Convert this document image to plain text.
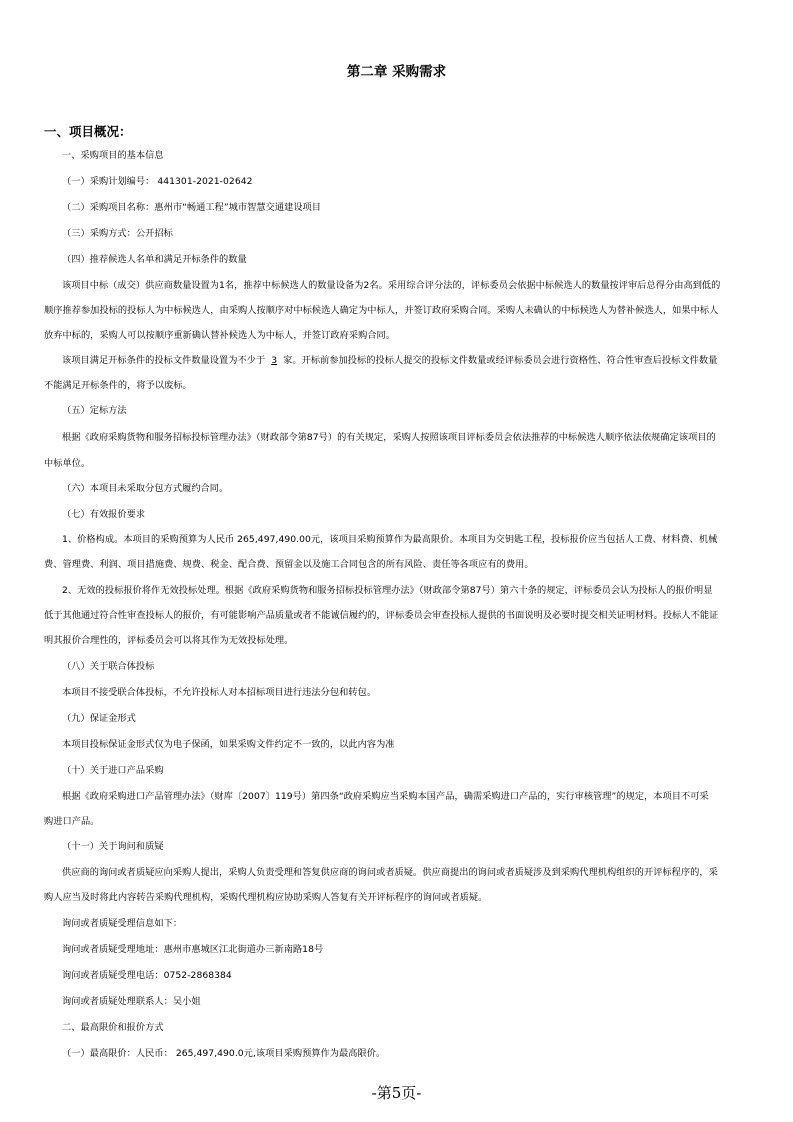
第二章 采购需求
一、项目概况：
一、采购项目的基本信息
（一）采购计划编号： 441301-2021-02642
（二）采购项目名称：惠州市“畅通工程”城市智慧交通建设项目
（三）采购方式：公开招标
（四）推荐候选人名单和满足开标条件的数量
该项目中标（成交）供应商数量设置为1名，推荐中标候选人的数量设备为2名。采用综合评分法的，评标委员会依据中标候选人的数量按评审后总得分由高到低的
顺序推荐参加投标的投标人为中标候选人，由采购人按顺序对中标候选人确定为中标人，并签订政府采购合同。采购人未确认的中标候选人为替补候选人，如果中标人
放弃中标的，采购人可以按顺序重新确认替补候选人为中标人，并签订政府采购合同。
该项目满足开标条件的投标文件数量设置为不少于 3 家。开标前参加投标的投标人提交的投标文件数量或经评标委员会进行资格性、符合性审查后投标文件数量
不能满足开标条件的，将予以废标。
（五）定标方法
根据《政府采购货物和服务招标投标管理办法》（财政部令第87号）的有关规定，采购人按照该项目评标委员会依法推荐的中标候选人顺序依法依规确定该项目的
中标单位。
（六）本项目未采取分包方式履约合同。
（七）有效报价要求
1、价格构成。本项目的采购预算为人民币 265,497,490.00元，该项目采购预算作为最高限价。本项目为交钥匙工程，投标报价应当包括人工费、材料费、机械
费、管理费、利润、项目措施费、规费、税金、配合费、预留金以及施工合同包含的所有风险、责任等各项应有的费用。
2、无效的投标报价将作无效投标处理。根据《政府采购货物和服务招标投标管理办法》（财政部令第87号）第六十条的规定，评标委员会认为投标人的报价明显
低于其他通过符合性审查投标人的报价，有可能影响产品质量或者不能诚信履约的，评标委员会审查投标人提供的书面说明及必要时提交相关证明材料。投标人不能证
明其报价合理性的，评标委员会可以将其作为无效投标处理。
（八）关于联合体投标
本项目不接受联合体投标，不允许投标人对本招标项目进行违法分包和转包。
（九）保证金形式
本项目投标保证金形式仅为电子保函，如果采购文件约定不一致的，以此内容为准
（十）关于进口产品采购
根据《政府采购进口产品管理办法》（财库〔2007〕119号）第四条“政府采购应当采购本国产品，确需采购进口产品的，实行审核管理”的规定，本项目不可采
购进口产品。
（十一）关于询问和质疑
供应商的询问或者质疑应向采购人提出，采购人负责受理和答复供应商的询问或者质疑。供应商提出的询问或者质疑涉及到采购代理机构组织的开评标程序的，采
购人应当及时将此内容转告采购代理机构，采购代理机构应协助采购人答复有关开评标程序的询问或者质疑。
询问或者质疑受理信息如下：
询问或者质疑受理地址：惠州市惠城区江北街道办三新南路18号
询问或者质疑受理电话：0752-2868384
询问或者质疑处理联系人：吴小姐
二、最高限价和报价方式
（一）最高限价：人民币： 265,497,490.0元,该项目采购预算作为最高限价。
-第5页-
